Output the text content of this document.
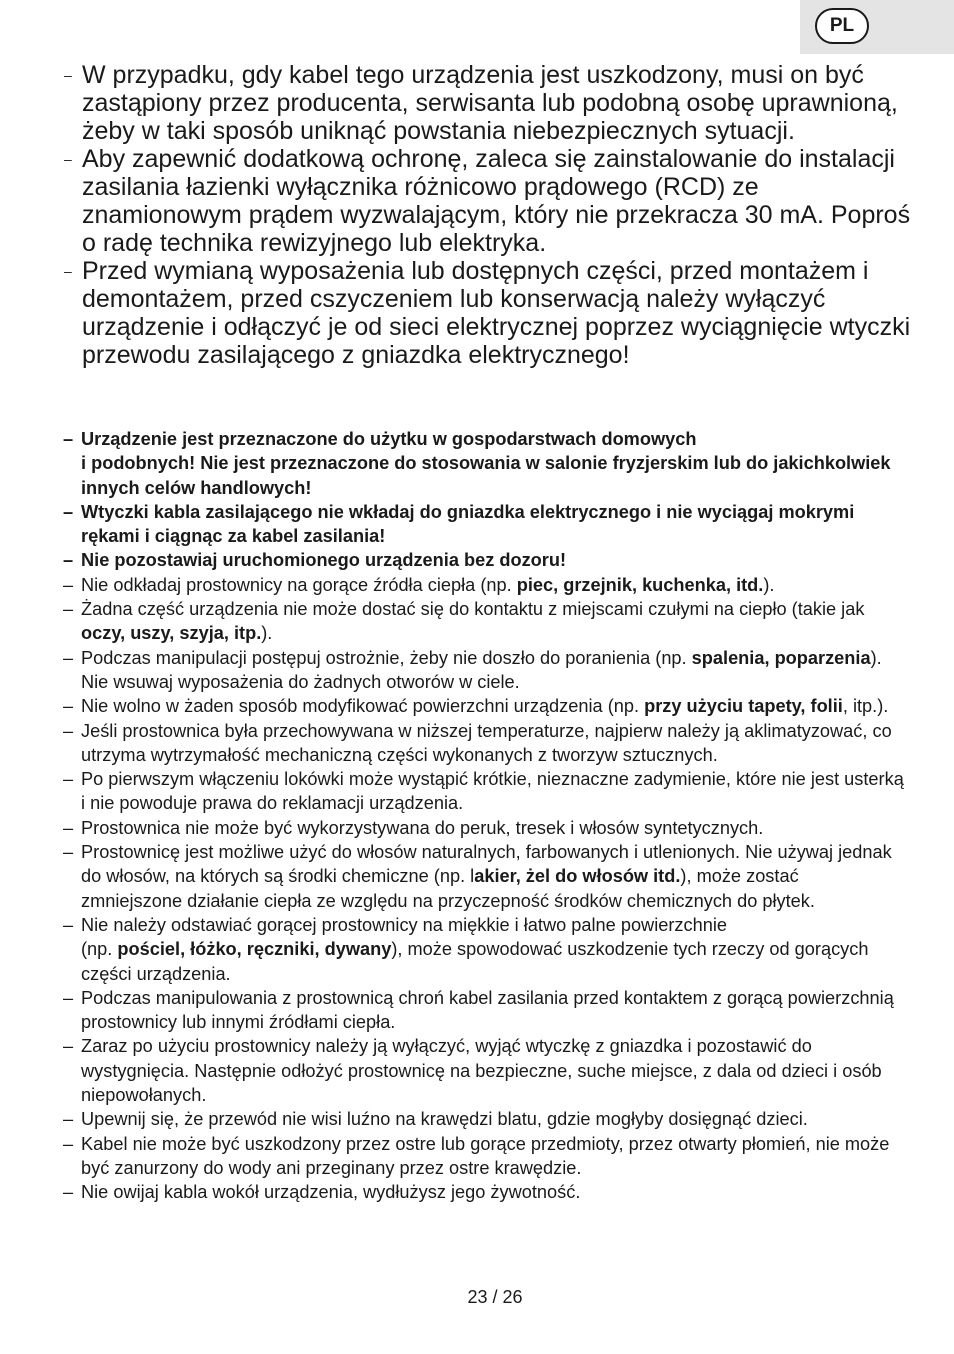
PL
– W przypadku, gdy kabel tego urządzenia jest uszkodzony, musi on być zastąpiony przez producenta, serwisanta lub podobną osobę uprawnioną, żeby w taki sposób uniknąć powstania niebezpiecznych sytuacji.
– Aby zapewnić dodatkową ochronę, zaleca się zainstalowanie do instalacji zasilania łazienki wyłącznika różnicowo prądowego (RCD) ze znamionowym prądem wyzwalającym, który nie przekracza 30 mA. Poproś o radę technika rewizyjnego lub elektryka.
– Przed wymianą wyposażenia lub dostępnych części, przed montażem i demontażem, przed cszyczeniem lub konserwacją należy wyłączyć urządzenie i odłączyć je od sieci elektrycznej poprzez wyciągnięcie wtyczki przewodu zasilającego z gniazdka elektrycznego!
– Urządzenie jest przeznaczone do użytku w gospodarstwach domowych
i podobnych! Nie jest przeznaczone do stosowania w salonie fryzjerskim lub do jakichkolwiek innych celów handlowych!
– Wtyczki kabla zasilającego nie wkładaj do gniazdka elektrycznego i nie wyciągaj mokrymi rękami i ciągnąc za kabel zasilania!
– Nie pozostawiaj uruchomionego urządzenia bez dozoru!
– Nie odkładaj prostownicy na gorące źródła ciepła (np. piec, grzejnik, kuchenka, itd.).
– Żadna część urządzenia nie może dostać się do kontaktu z miejscami czułymi na ciepło (takie jak oczy, uszy, szyja, itp.).
– Podczas manipulacji postępuj ostrożnie, żeby nie doszło do poranienia (np. spalenia, poparzenia). Nie wsuwaj wyposażenia do żadnych otworów w ciele.
– Nie wolno w żaden sposób modyfikować powierzchni urządzenia (np. przy użyciu tapety, folii, itp.).
– Jeśli prostownica była przechowywana w niższej temperaturze, najpierw należy ją aklimatyzować, co utrzyma wytrzymałość mechaniczną części wykonanych z tworzyw sztucznych.
– Po pierwszym włączeniu lokówki może wystąpić krótkie, nieznaczne zadymienie, które nie jest usterką i nie powoduje prawa do reklamacji urządzenia.
– Prostownica nie może być wykorzystywana do peruk, tresek i włosów syntetycznych.
– Prostownicę jest możliwe użyć do włosów naturalnych, farbowanych i utlenionych. Nie używaj jednak do włosów, na których są środki chemiczne (np. lakier, żel do włosów itd.), może zostać zmniejszone działanie ciepła ze względu na przyczepność środków chemicznych do płytek.
– Nie należy odstawiać gorącej prostownicy na miękkie i łatwo palne powierzchnie
(np. pościel, łóżko, ręczniki, dywany), może spowodować uszkodzenie tych rzeczy od gorących części urządzenia.
– Podczas manipulowania z prostownicą chroń kabel zasilania przed kontaktem z gorącą powierzchnią prostownicy lub innymi źródłami ciepła.
– Zaraz po użyciu prostownicy należy ją wyłączyć, wyjąć wtyczkę z gniazdka i pozostawić do wystygnięcia. Następnie odłożyć prostownicę na bezpieczne, suche miejsce, z dala od dzieci i osób niepowołanych.
– Upewnij się, że przewód nie wisi luźno na krawędzi blatu, gdzie mogłyby dosięgnąć dzieci.
– Kabel nie może być uszkodzony przez ostre lub gorące przedmioty, przez otwarty płomień, nie może być zanurzony do wody ani przeginany przez ostre krawędzie.
– Nie owijaj kabla wokół urządzenia, wydłużysz jego żywotność.
23 / 26
